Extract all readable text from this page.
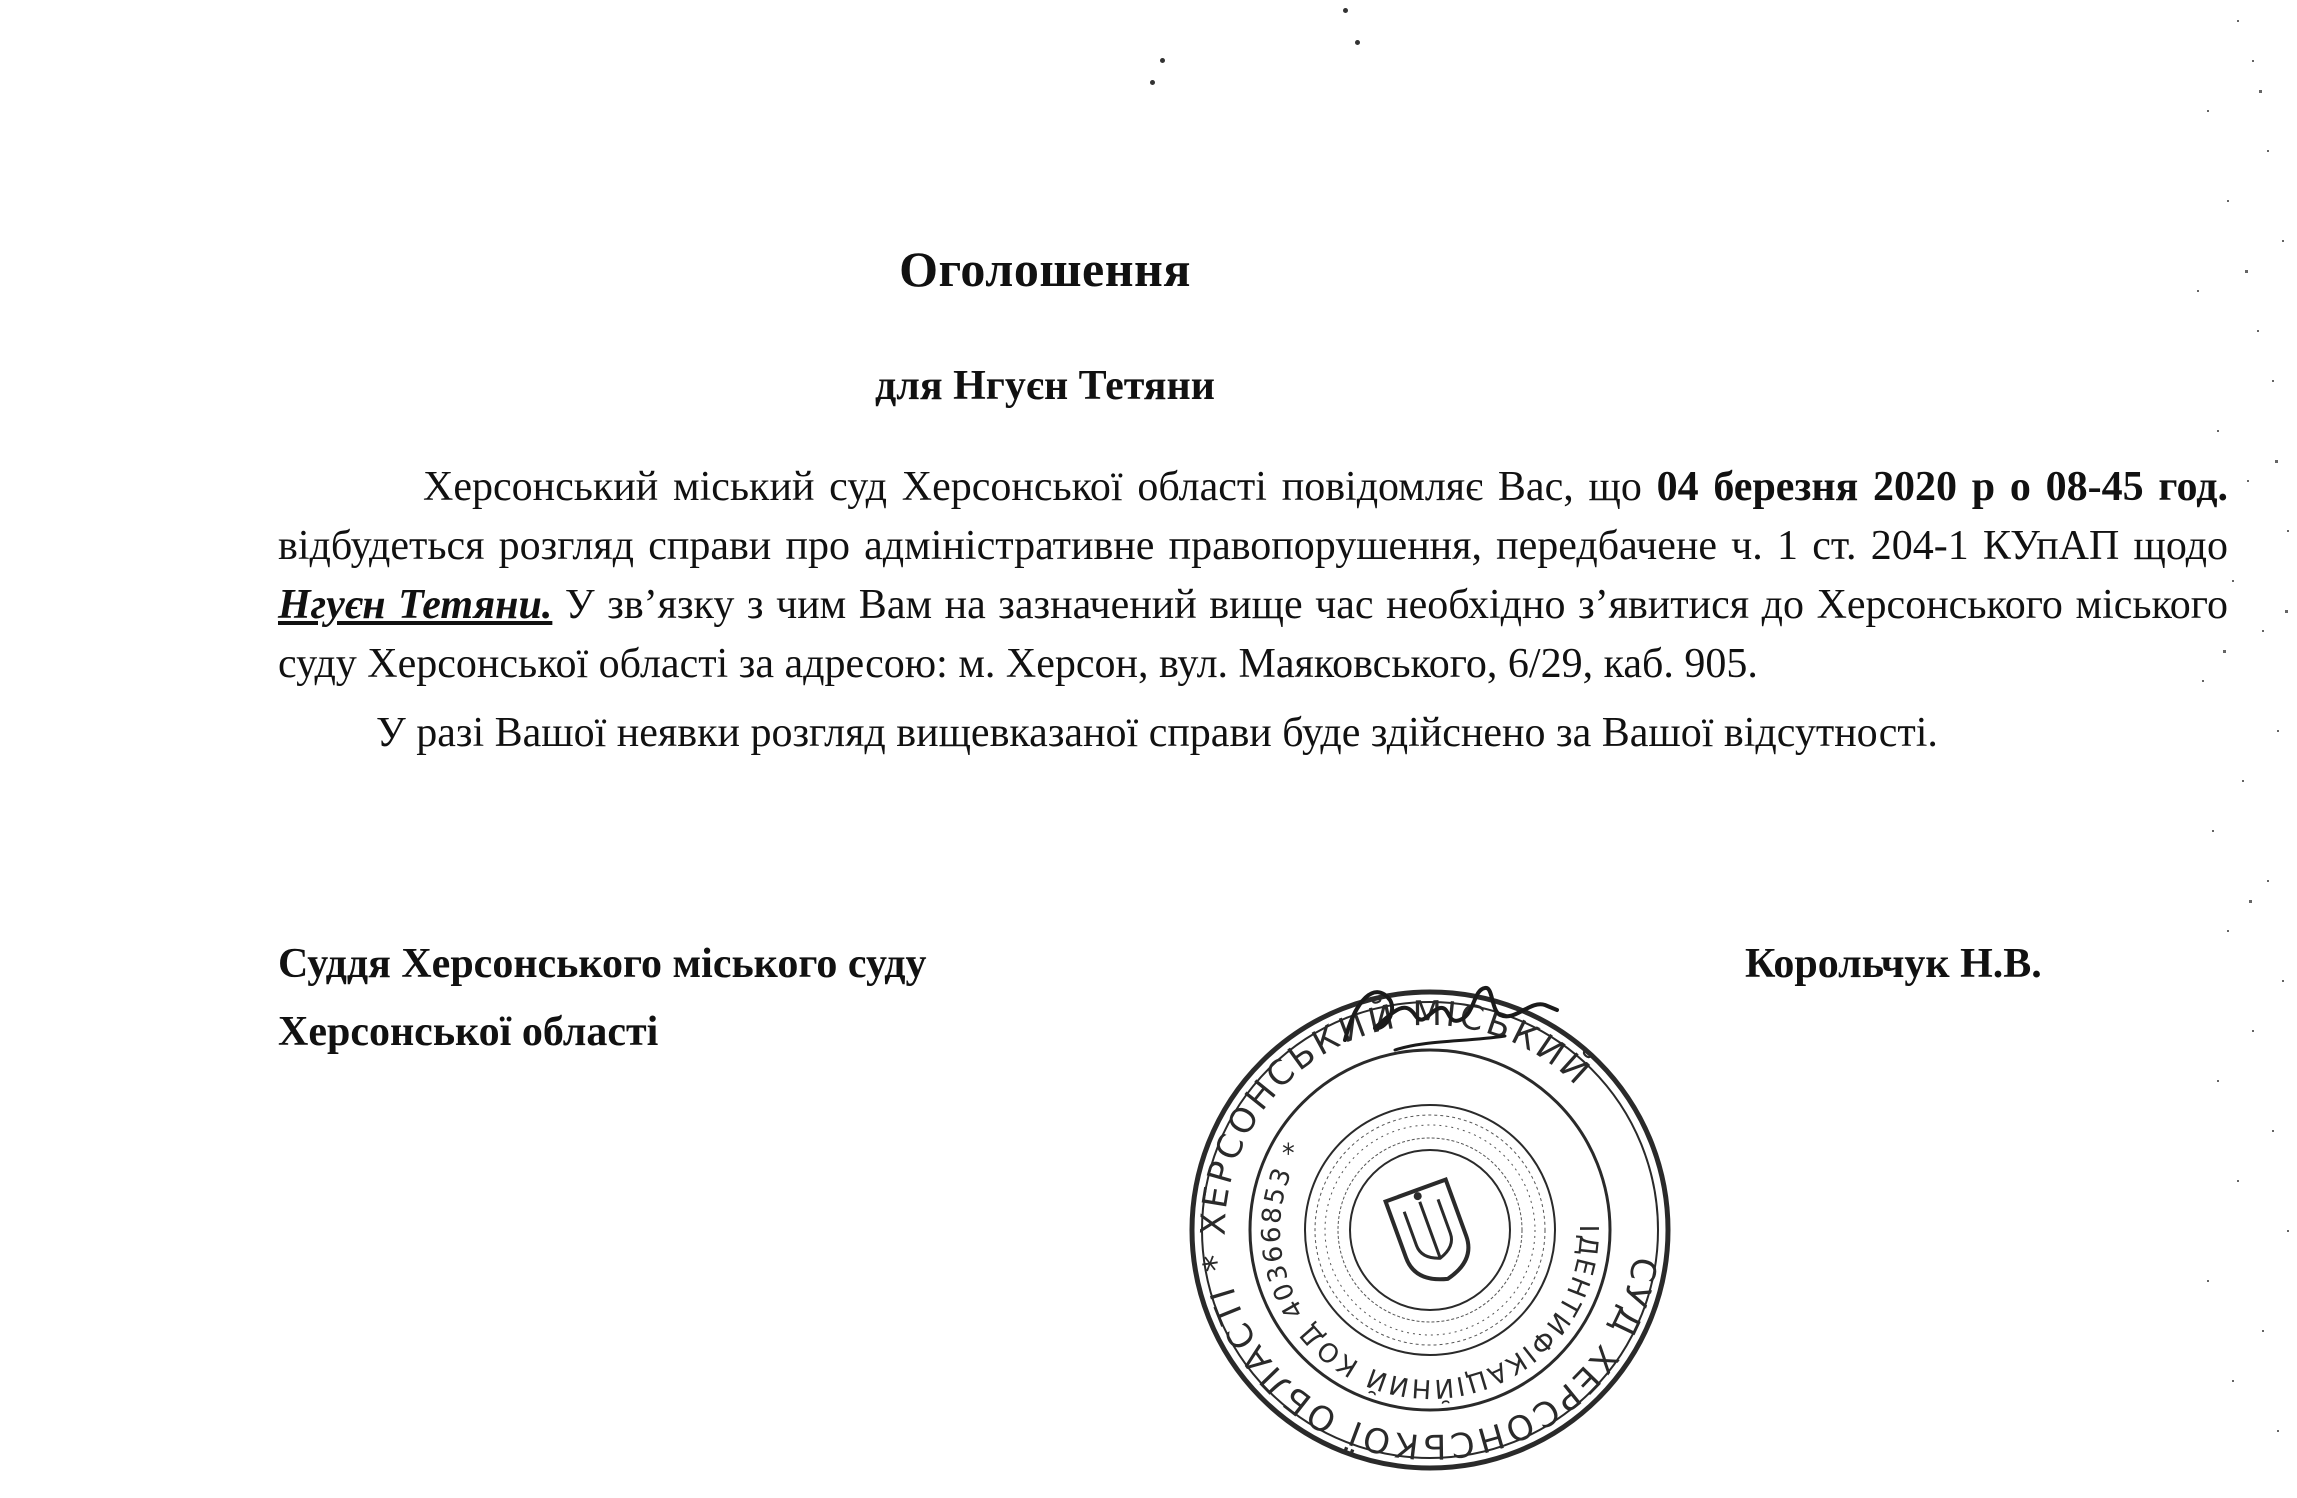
Оголошення
для Нгуєн Тетяни

Херсонський міський суд Херсонської області повідомляє Вас, що 04 березня 2020 р о 08-45 год. відбудеться розгляд справи про адміністративне правопорушення, передбачене ч. 1 ст. 204-1 КУпАП щодо Нгуєн Тетяни. У зв’язку з чим Вам на зазначений вище час необхідно з’явитися до Херсонського міського суду Херсонської області за адресою: м. Херсон, вул. Маяковського, 6/29, каб. 905.

У разі Вашої неявки розгляд вищевказаної справи буде здійснено за Вашої відсутності.

Суддя Херсонського міського суду
Херсонської області
Корольчук Н.В.
СУД ХЕРСОНСЬКОЇ ОБЛАСТІ * ХЕРСОНСЬКИЙ МІСЬКИЙ
ІДЕНТИФІКАЦІЙНИЙ КОД 40366853 *
